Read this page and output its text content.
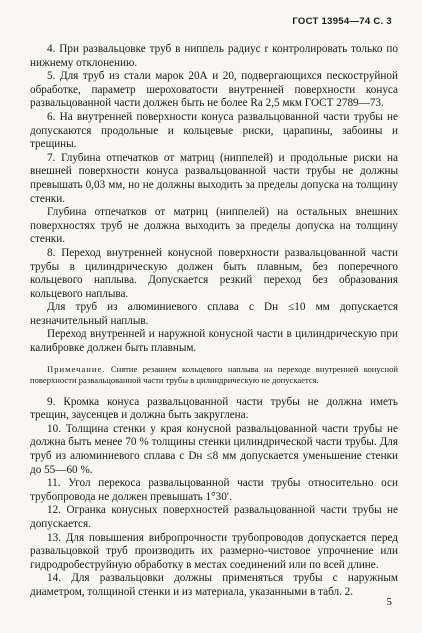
ГОСТ 13954—74 С. 3

4. При развальцовке труб в ниппель радиус r контролировать только по нижнему отклонению.

5. Для труб из стали марок 20А и 20, подвергающихся пескоструйной обработке, параметр шероховатости внутренней поверхности конуса развальцованной части должен быть не более Ra 2,5 мкм ГОСТ 2789—73.

6. На внутренней поверхности конуса развальцованной части трубы не допускаются продольные и кольцевые риски, царапины, забоины и трещины.

7. Глубина отпечатков от матриц (ниппелей) и продольные риски на внешней поверхности конуса развальцованной части трубы не должны превышать 0,03 мм, но не должны выходить за пределы допуска на толщину стенки.

Глубина отпечатков от матриц (ниппелей) на остальных внешних поверхностях труб не должна выходить за пределы допуска на толщину стенки.

8. Переход внутренней конусной поверхности развальцованной части трубы в цилиндрическую должен быть плавным, без поперечного кольцевого наплыва. Допускается резкий переход без образования кольцевого наплыва.

Для труб из алюминиевого сплава с Dн ≤10 мм допускается незначительный наплыв.

Переход внутренней и наружной конусной части в цилиндрическую при калибровке должен быть плавным.

Примечание. Снятие резанием кольцевого наплыва на переходе внутренней конусной поверхности развальцованной части трубы в цилиндрическую не допускается.

9. Кромка конуса развальцованной части трубы не должна иметь трещин, заусенцев и должна быть закруглена.

10. Толщина стенки у края конусной развальцованной части трубы не должна быть менее 70 % толщины стенки цилиндрической части трубы. Для труб из алюминиевого сплава с Dн ≤8 мм допускается уменьшение стенки до 55—60 %.

11. Угол перекоса развальцованной части трубы относительно оси трубопровода не должен превышать 1°30′.

12. Огранка конусных поверхностей развальцованной части трубы не допускается.

13. Для повышения вибропрочности трубопроводов допускается перед развальцовкой труб производить их размерно-чистовое упрочнение или гидродробеструйную обработку в местах соединений или по всей длине.

14. Для развальцовки должны применяться трубы с наружным диаметром, толщиной стенки и из материала, указанными в табл. 2.

5
